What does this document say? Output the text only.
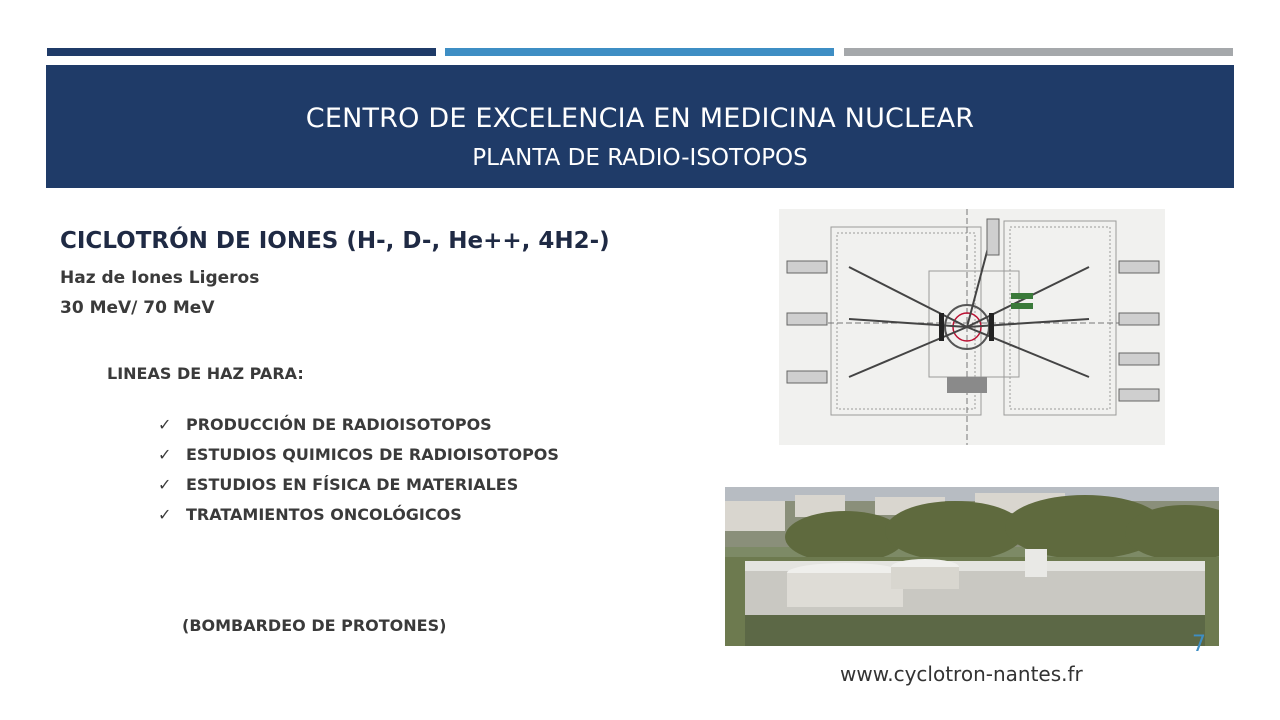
CENTRO DE EXCELENCIA EN MEDICINA NUCLEAR
PLANTA DE RADIO-ISOTOPOS
CICLOTRÓN DE IONES (H-, D-, He++, 4H2-)
Haz de Iones Ligeros
30 MeV/ 70 MeV
LINEAS DE HAZ PARA:
✓ PRODUCCIÓN DE RADIOISOTOPOS
✓ ESTUDIOS QUIMICOS DE RADIOISOTOPOS
✓ ESTUDIOS EN FÍSICA DE MATERIALES
✓ TRATAMIENTOS ONCOLÓGICOS
(BOMBARDEO DE PROTONES)
7
www.cyclotron-nantes.fr
